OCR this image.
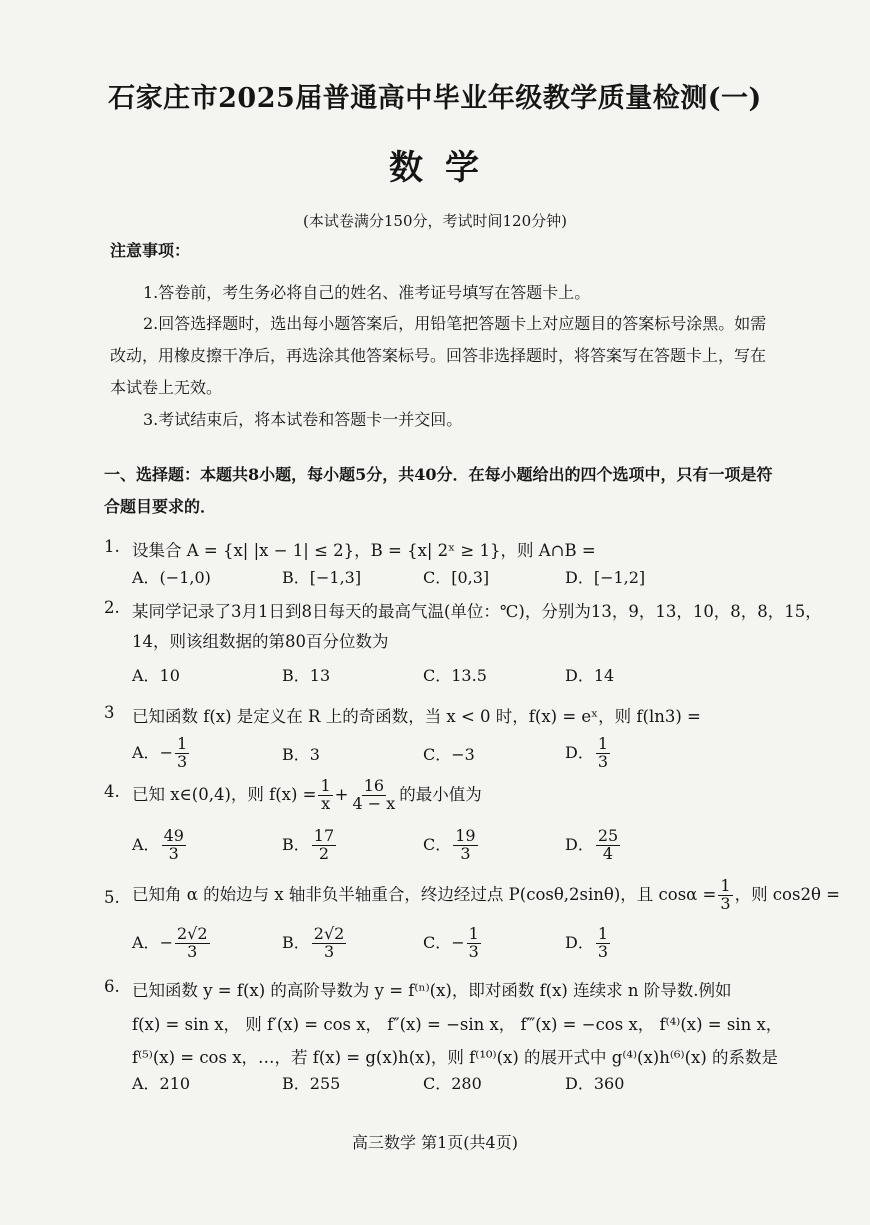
石家庄市2025届普通高中毕业年级教学质量检测(一)
数学
(本试卷满分150分，考试时间120分钟)
注意事项：
1.答卷前，考生务必将自己的姓名、准考证号填写在答题卡上。
2.回答选择题时，选出每小题答案后，用铅笔把答题卡上对应题目的答案标号涂黑。如需
改动，用橡皮擦干净后，再选涂其他答案标号。回答非选择题时，将答案写在答题卡上，写在
本试卷上无效。
3.考试结束后，将本试卷和答题卡一并交回。
一、选择题：本题共8小题，每小题5分，共40分．在每小题给出的四个选项中，只有一项是符
合题目要求的．
1. 设集合 A = {x| |x − 1| ≤ 2}，B = {x| 2ˣ ≥ 1}，则 A∩B =
A．(−1,0)	B．[−1,3]	C．[0,3]	D．[−1,2]
2. 某同学记录了3月1日到8日每天的最高气温(单位：℃)，分别为13，9，13，10，8，8，15，
14，则该组数据的第80百分位数为
A．10	B．13	C．13.5	D．14
3 已知函数 f(x) 是定义在 R 上的奇函数，当 x < 0 时，f(x) = eˣ，则 f(ln3) =
A．− $\frac{1}{3}$	B．3	C．−3	D． $\frac{1}{3}$
4. 已知 x∈(0,4)，则 $f(x) = \frac{1}{x} + \frac{16}{4 - x}$ 的最小值为
A． $\frac{49}{3}$	B． $\frac{17}{2}$	C． $\frac{19}{3}$	D． $\frac{25}{4}$
5. 已知角 α 的始边与 x 轴非负半轴重合，终边经过点 P(cosθ,2sinθ)，且 $\cos\alpha = \frac{1}{3}$ ，则 cos2θ =
A．− $\frac{2√2}{3}$	B． $\frac{2√2}{3}$	C．− $\frac{1}{3}$	D． $\frac{1}{3}$
6. 已知函数 y = f(x) 的高阶导数为 y = f⁽ⁿ⁾(x)，即对函数 f(x) 连续求 n 阶导数.例如
f(x) = sin x， 则 f′(x) = cos x， f″(x) = −sin x， f‴(x) = −cos x， f⁽⁴⁾(x) = sin x，
f⁽⁵⁾(x) = cos x，…，若 f(x) = g(x)h(x)，则 f⁽¹⁰⁾(x) 的展开式中 g⁽⁴⁾(x)h⁽⁶⁾(x) 的系数是
A．210	B．255	C．280	D．360
高三数学 第1页(共4页)
